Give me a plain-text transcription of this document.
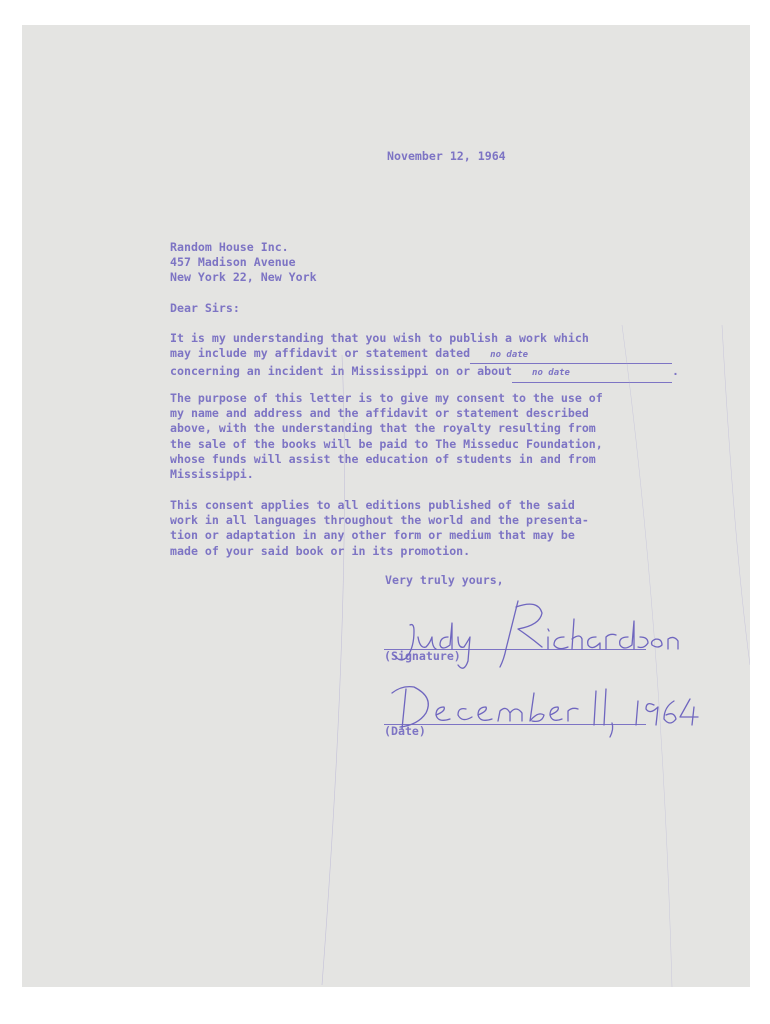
November 12, 1964
Random House Inc.
457 Madison Avenue
New York 22, New York
Dear Sirs:
It is my understanding that you wish to publish a work which
may include my affidavit or statement dated no date
concerning an incident in Mississippi on or about no date	.
The purpose of this letter is to give my consent to the use of
my name and address and the affidavit or statement described
above, with the understanding that the royalty resulting from
the sale of the books will be paid to The Misseduc Foundation,
whose funds will assist the education of students in and from
Mississippi.
This consent applies to all editions published of the said
work in all languages throughout the world and the presenta-
tion or adaptation in any other form or medium that may be
made of your said book or in its promotion.
Very truly yours,
(Signature)
(Date)
